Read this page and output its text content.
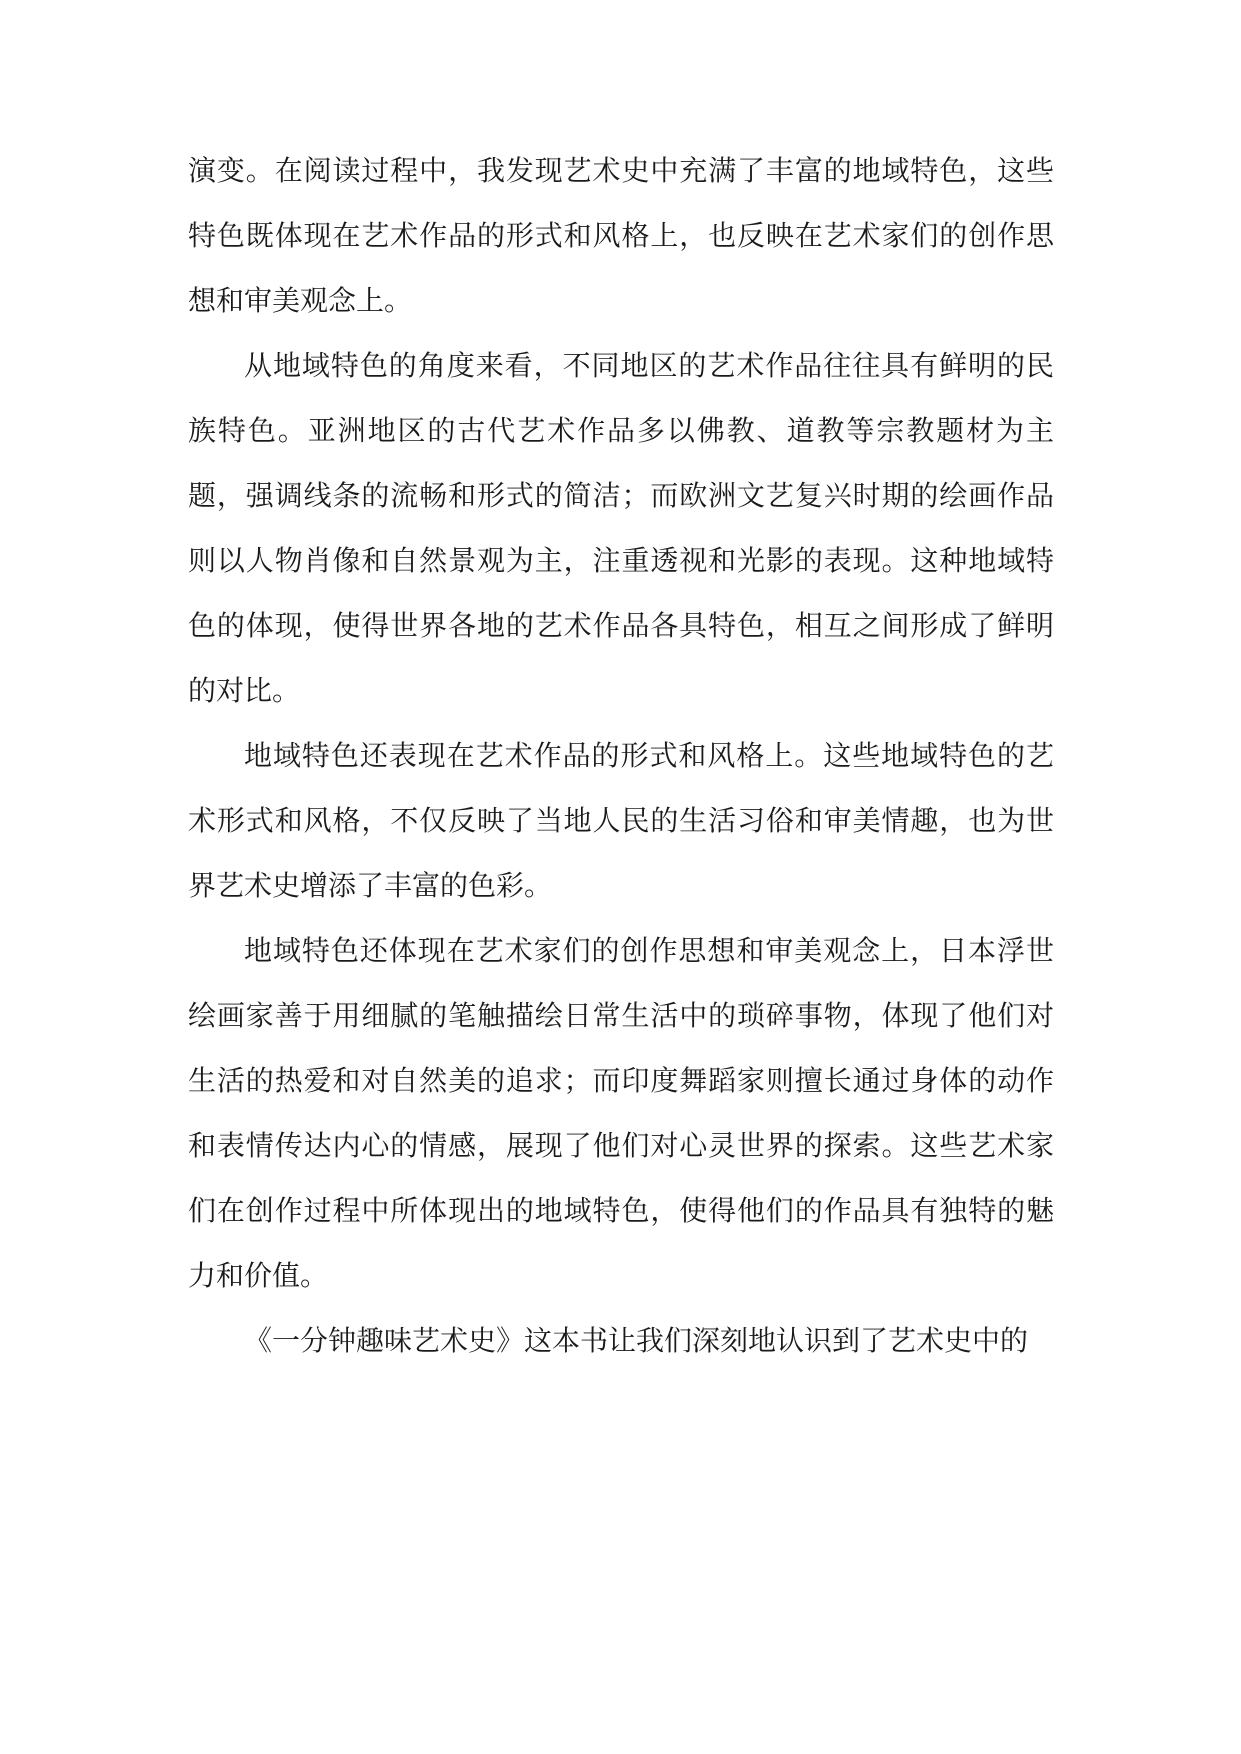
演变。在阅读过程中，我发现艺术史中充满了丰富的地域特色，这些特色既体现在艺术作品的形式和风格上，也反映在艺术家们的创作思想和审美观念上。

从地域特色的角度来看，不同地区的艺术作品往往具有鲜明的民族特色。亚洲地区的古代艺术作品多以佛教、道教等宗教题材为主题，强调线条的流畅和形式的简洁；而欧洲文艺复兴时期的绘画作品则以人物肖像和自然景观为主，注重透视和光影的表现。这种地域特色的体现，使得世界各地的艺术作品各具特色，相互之间形成了鲜明的对比。

地域特色还表现在艺术作品的形式和风格上。这些地域特色的艺术形式和风格，不仅反映了当地人民的生活习俗和审美情趣，也为世界艺术史增添了丰富的色彩。

地域特色还体现在艺术家们的创作思想和审美观念上，日本浮世绘画家善于用细腻的笔触描绘日常生活中的琐碎事物，体现了他们对生活的热爱和对自然美的追求；而印度舞蹈家则擅长通过身体的动作和表情传达内心的情感，展现了他们对心灵世界的探索。这些艺术家们在创作过程中所体现出的地域特色，使得他们的作品具有独特的魅力和价值。

《一分钟趣味艺术史》这本书让我们深刻地认识到了艺术史中的
